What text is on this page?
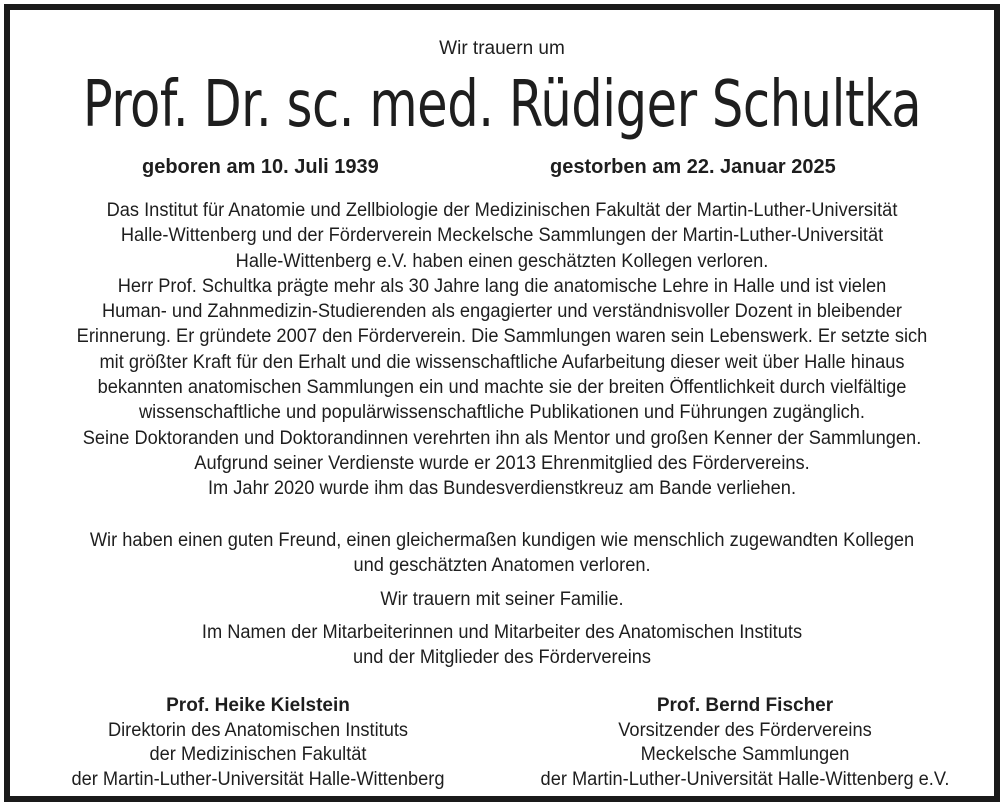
Wir trauern um
Prof. Dr. sc. med. Rüdiger Schultka
geboren am 10. Juli 1939	gestorben am 22. Januar 2025
Das Institut für Anatomie und Zellbiologie der Medizinischen Fakultät der Martin-Luther-Universität
Halle-Wittenberg und der Förderverein Meckelsche Sammlungen der Martin-Luther-Universität
Halle-Wittenberg e.V. haben einen geschätzten Kollegen verloren.
Herr Prof. Schultka prägte mehr als 30 Jahre lang die anatomische Lehre in Halle und ist vielen
Human- und Zahnmedizin-Studierenden als engagierter und verständnisvoller Dozent in bleibender
Erinnerung. Er gründete 2007 den Förderverein. Die Sammlungen waren sein Lebenswerk. Er setzte sich
mit größter Kraft für den Erhalt und die wissenschaftliche Aufarbeitung dieser weit über Halle hinaus
bekannten anatomischen Sammlungen ein und machte sie der breiten Öffentlichkeit durch vielfältige
wissenschaftliche und populärwissenschaftliche Publikationen und Führungen zugänglich.
Seine Doktoranden und Doktorandinnen verehrten ihn als Mentor und großen Kenner der Sammlungen.
Aufgrund seiner Verdienste wurde er 2013 Ehrenmitglied des Fördervereins.
Im Jahr 2020 wurde ihm das Bundesverdienstkreuz am Bande verliehen.
Wir haben einen guten Freund, einen gleichermaßen kundigen wie menschlich zugewandten Kollegen
und geschätzten Anatomen verloren.
Wir trauern mit seiner Familie.
Im Namen der Mitarbeiterinnen und Mitarbeiter des Anatomischen Instituts
und der Mitglieder des Fördervereins
Prof. Heike Kielstein
Direktorin des Anatomischen Instituts
der Medizinischen Fakultät
der Martin-Luther-Universität Halle-Wittenberg
Prof. Bernd Fischer
Vorsitzender des Fördervereins
Meckelsche Sammlungen
der Martin-Luther-Universität Halle-Wittenberg e.V.
